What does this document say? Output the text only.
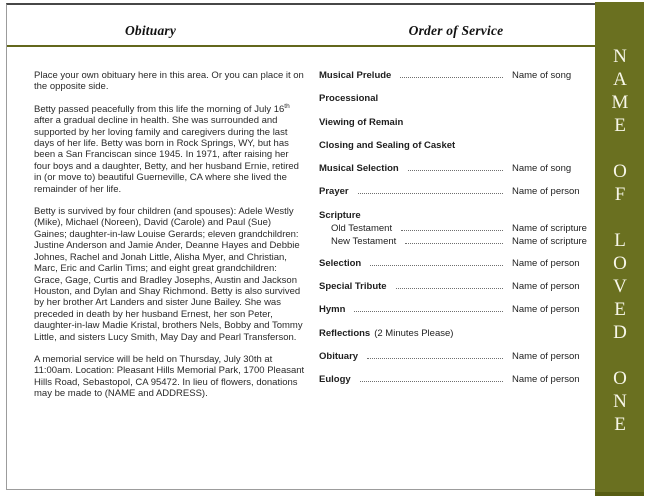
Obituary	Order of Service

Place your own obituary here in this area. Or you can place it on the opposite side.

Betty passed peacefully from this life the morning of July 16th after a gradual decline in health. She was surrounded and supported by her loving family and caregivers during the last days of her life. Betty was born in Rock Springs, WY, but has been a San Franciscan since 1945. In 1971, after raising her four boys and a daughter, Betty, and her husband Ernie, retired in (or move to) beautiful Guerneville, CA where she lived the remainder of her life.

Betty is survived by four children (and spouses): Adele Westly (Mike), Michael (Noreen), David (Carole) and Paul (Sue) Gaines; daughter-in-law Louise Gerards; eleven grandchildren: Justine Anderson and Jamie Ander, Deanne Hayes and Debbie Johnes, Rachel and Jonah Little, Alisha Myer, and Christian, Marc, Eric and Carlin Tims; and eight great grandchildren: Grace, Gage, Curtis and Bradley Josephs, Austin and Jackson Houston, and Dylan and Shay Richmond. Betty is also survived by her brother Art Landers and sister June Bailey. She was preceded in death by her husband Ernest, her son Peter, daughter-in-law Madie Kristal, brothers Nels, Bobby and Tommy Little, and sisters Lucy Smith, May Day and Pearl Transferson.

A memorial service will be held on Thursday, July 30th at 11:00am. Location: Pleasant Hills Memorial Park, 1700 Pleasant Hills Road, Sebastopol, CA 95472. In lieu of flowers, donations may be made to (NAME and ADDRESS).

Musical Prelude	Name of song
Processional
Viewing of Remain
Closing and Sealing of Casket
Musical Selection	Name of song
Prayer	Name of person
Scripture
Old Testament	Name of scripture
New Testament	Name of scripture
Selection	Name of person
Special Tribute	Name of person
Hymn	Name of person
Reflections (2 Minutes Please)
Obituary	Name of person
Eulogy	Name of person	NAME OF LOVED ONE
